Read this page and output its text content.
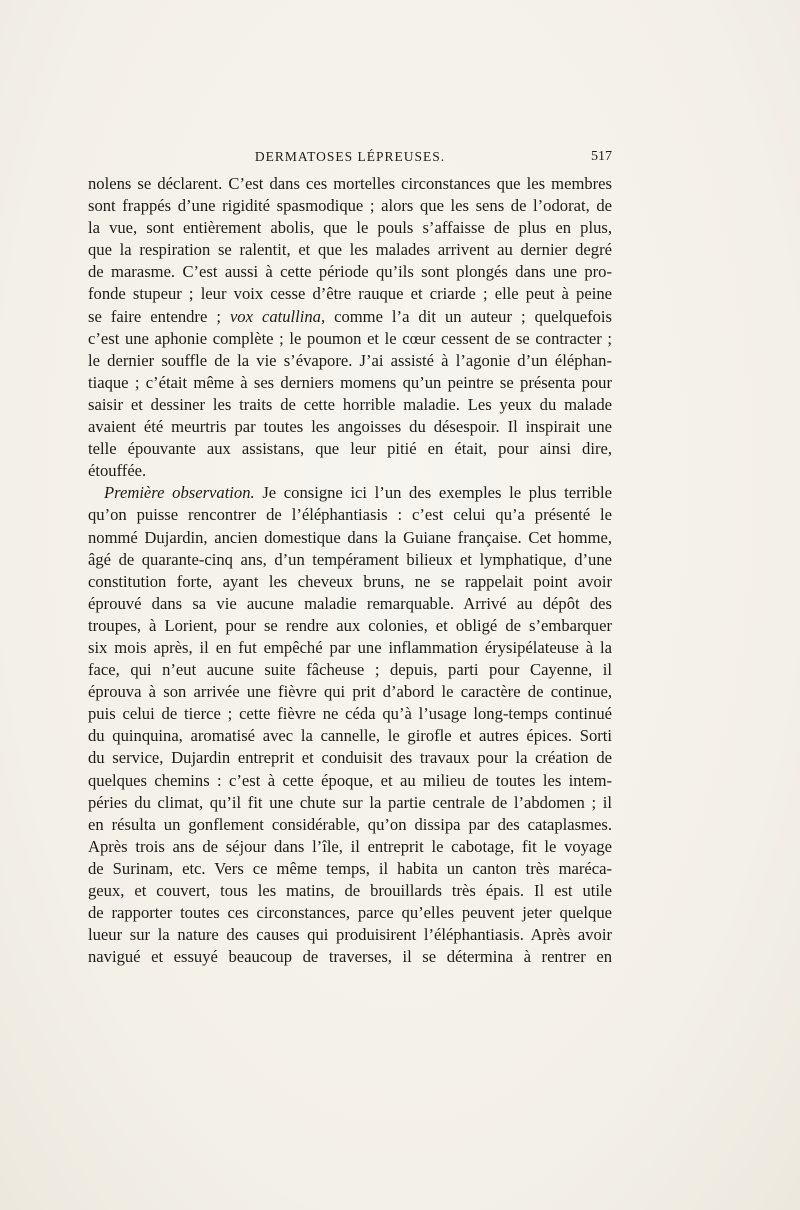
DERMATOSES LÉPREUSES.	517
nolens se déclarent. C’est dans ces mortelles circonstances que les membres
sont frappés d’une rigidité spasmodique ; alors que les sens de l’odorat, de
la vue, sont entièrement abolis, que le pouls s’affaisse de plus en plus,
que la respiration se ralentit, et que les malades arrivent au dernier degré
de marasme. C’est aussi à cette période qu’ils sont plongés dans une pro-
fonde stupeur ; leur voix cesse d’être rauque et criarde ; elle peut à peine
se faire entendre ; vox catullina, comme l’a dit un auteur ; quelquefois
c’est une aphonie complète ; le poumon et le cœur cessent de se contracter ;
le dernier souffle de la vie s’évapore. J’ai assisté à l’agonie d’un éléphan-
tiaque ; c’était même à ses derniers momens qu’un peintre se présenta pour
saisir et dessiner les traits de cette horrible maladie. Les yeux du malade
avaient été meurtris par toutes les angoisses du désespoir. Il inspirait une
telle épouvante aux assistans, que leur pitié en était, pour ainsi dire,
étouffée.
Première observation. Je consigne ici l’un des exemples le plus terrible
qu’on puisse rencontrer de l’éléphantiasis : c’est celui qu’a présenté le
nommé Dujardin, ancien domestique dans la Guiane française. Cet homme,
âgé de quarante-cinq ans, d’un tempérament bilieux et lymphatique, d’une
constitution forte, ayant les cheveux bruns, ne se rappelait point avoir
éprouvé dans sa vie aucune maladie remarquable. Arrivé au dépôt des
troupes, à Lorient, pour se rendre aux colonies, et obligé de s’embarquer
six mois après, il en fut empêché par une inflammation érysipélateuse à la
face, qui n’eut aucune suite fâcheuse ; depuis, parti pour Cayenne, il
éprouva à son arrivée une fièvre qui prit d’abord le caractère de continue,
puis celui de tierce ; cette fièvre ne céda qu’à l’usage long-temps continué
du quinquina, aromatisé avec la cannelle, le girofle et autres épices. Sorti
du service, Dujardin entreprit et conduisit des travaux pour la création de
quelques chemins : c’est à cette époque, et au milieu de toutes les intem-
péries du climat, qu’il fit une chute sur la partie centrale de l’abdomen ; il
en résulta un gonflement considérable, qu’on dissipa par des cataplasmes.
Après trois ans de séjour dans l’île, il entreprit le cabotage, fit le voyage
de Surinam, etc. Vers ce même temps, il habita un canton très maréca-
geux, et couvert, tous les matins, de brouillards très épais. Il est utile
de rapporter toutes ces circonstances, parce qu’elles peuvent jeter quelque
lueur sur la nature des causes qui produisirent l’éléphantiasis. Après avoir
navigué et essuyé beaucoup de traverses, il se détermina à rentrer en
